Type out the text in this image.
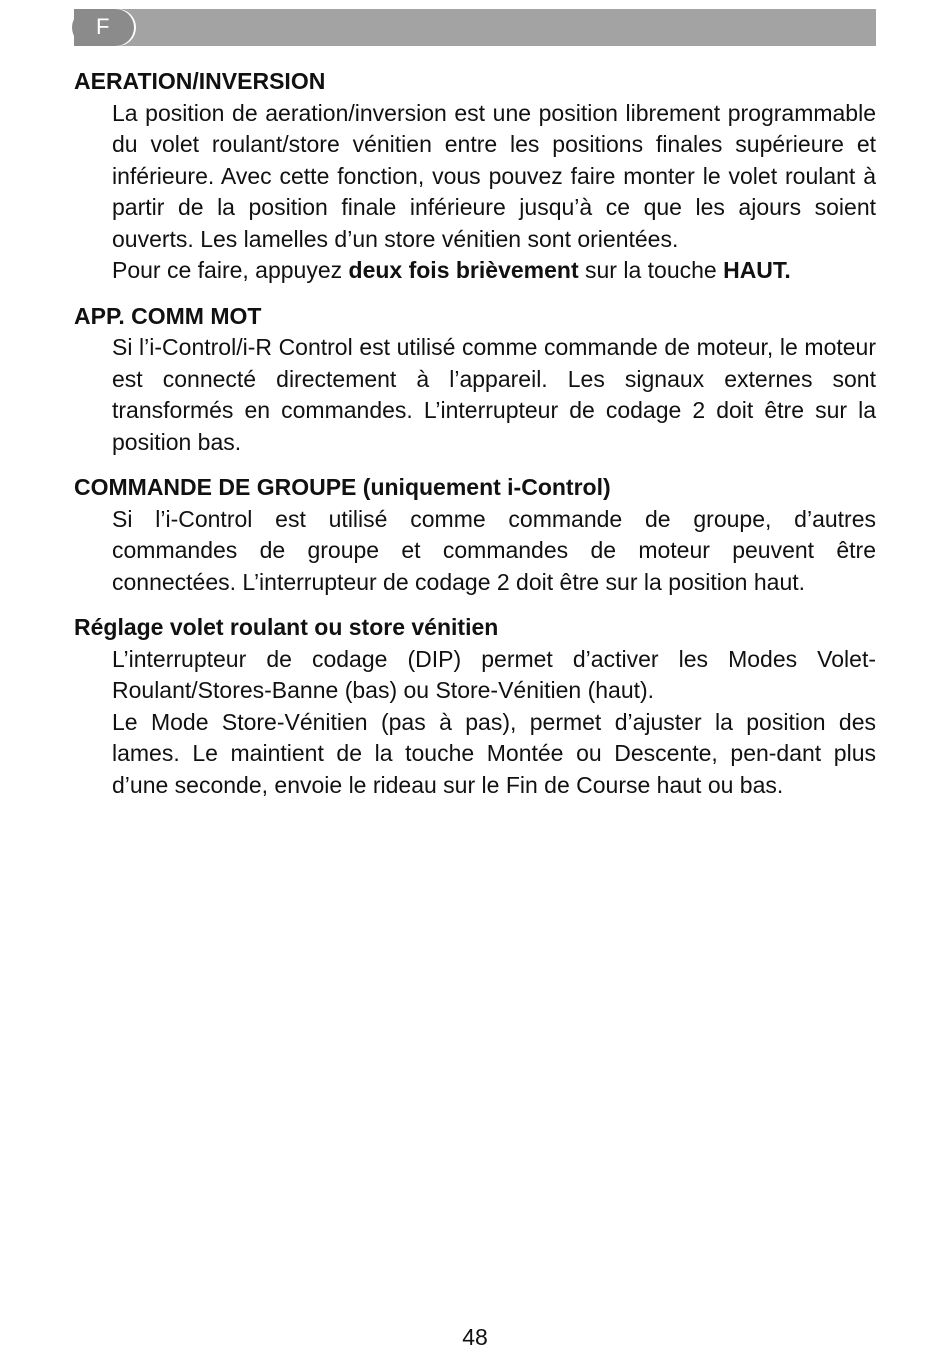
F
AERATION/INVERSION

La position de aeration/inversion est une position librement programmable du volet roulant/store vénitien entre les positions finales supérieure et inférieure. Avec cette fonction, vous pouvez faire monter le volet roulant à partir de la position finale inférieure jusqu’à ce que les ajours soient ouverts. Les lamelles d’un store vénitien sont orientées.

Pour ce faire, appuyez deux fois brièvement sur la touche HAUT.

APP. COMM MOT

Si l’i-Control/i-R Control est utilisé comme commande de moteur, le moteur est connecté directement à l’appareil. Les signaux externes sont transformés en commandes. L’interrupteur de codage 2 doit être sur la position bas.

COMMANDE DE GROUPE (uniquement i-Control)

Si l’i-Control est utilisé comme commande de groupe, d’autres commandes de groupe et commandes de moteur peuvent être connectées. L’interrupteur de codage 2 doit être sur la position haut.

Réglage volet roulant ou store vénitien

L’interrupteur de codage (DIP) permet d’activer les Modes Volet-Roulant/Stores-Banne (bas) ou Store-Vénitien (haut).

Le Mode Store-Vénitien (pas à pas), permet d’ajuster la position des lames. Le maintient de la touche Montée ou Descente, pen-dant plus d’une seconde, envoie le rideau sur le Fin de Course haut ou bas.

48
